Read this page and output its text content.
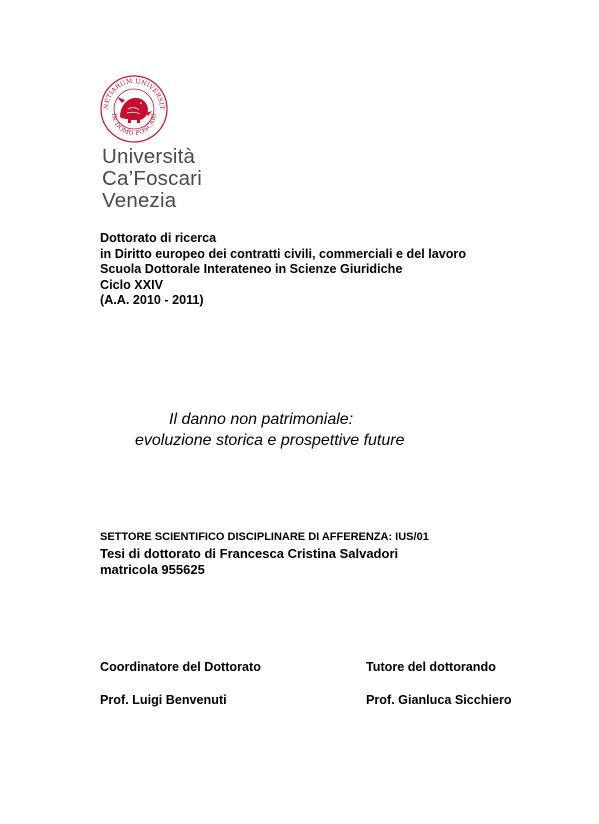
NETIARUM UNIVERSIT
IN DOMO FOSCARI
Università
Ca’Foscari
Venezia
Dottorato di ricerca
in Diritto europeo dei contratti civili, commerciali e del lavoro
Scuola Dottorale Interateneo in Scienze Giuridiche
Ciclo XXIV
(A.A. 2010 - 2011)
Il danno non patrimoniale:
evoluzione storica e prospettive future
SETTORE SCIENTIFICO DISCIPLINARE DI AFFERENZA: IUS/01
Tesi di dottorato di Francesca Cristina Salvadori
matricola 955625
Coordinatore del Dottorato	Tutore del dottorando
Prof. Luigi Benvenuti	Prof. Gianluca Sicchiero
